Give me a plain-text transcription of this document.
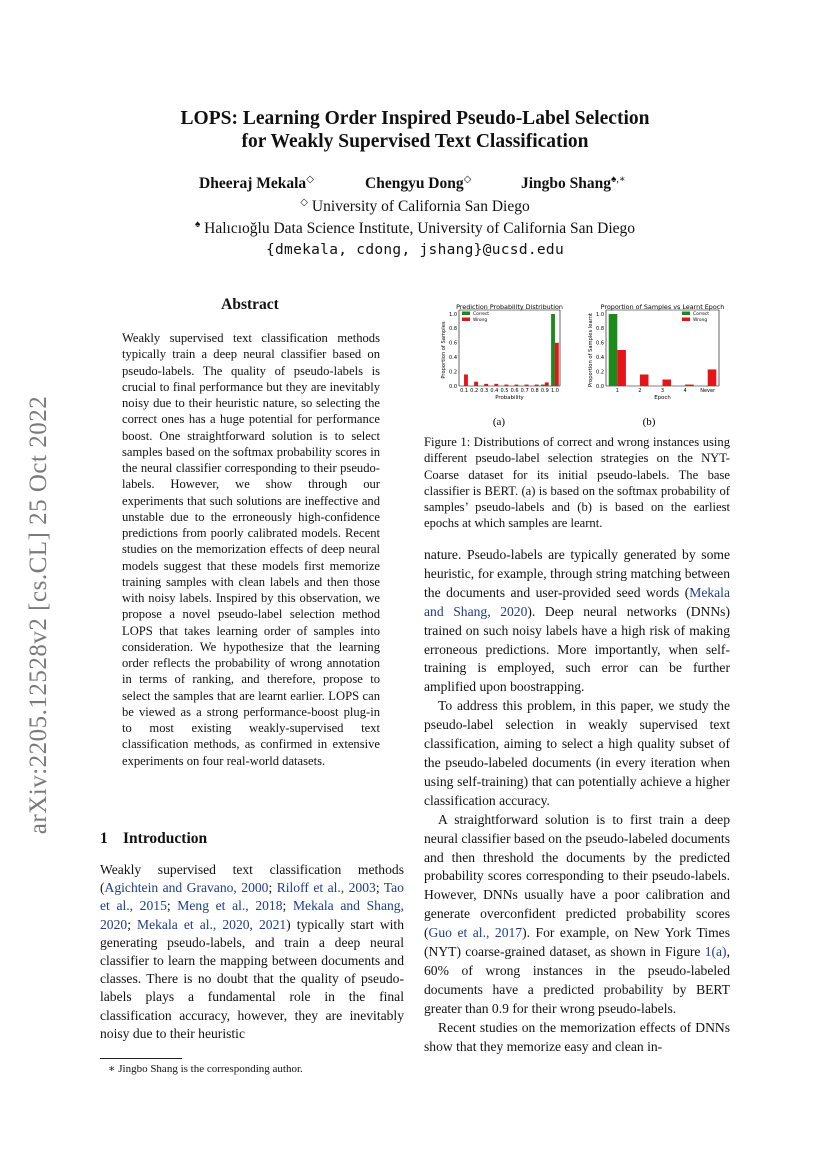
arXiv:2205.12528v2 [cs.CL] 25 Oct 2022
LOPS: Learning Order Inspired Pseudo-Label Selection
for Weakly Supervised Text Classification
Dheeraj Mekala◇	Chengyu Dong◇	Jingbo Shang♠,∗
◇ University of California San Diego
♠ Halıcıoğlu Data Science Institute, University of California San Diego
{dmekala, cdong, jshang}@ucsd.edu
Abstract
Weakly supervised text classification methods typically train a deep neural classifier based on pseudo-labels. The quality of pseudo-labels is crucial to final performance but they are inevitably noisy due to their heuristic nature, so selecting the correct ones has a huge potential for performance boost. One straightforward solution is to select samples based on the softmax probability scores in the neural classifier corresponding to their pseudo-labels. However, we show through our experiments that such solutions are ineffective and unstable due to the erroneously high-confidence predictions from poorly calibrated models. Recent studies on the memorization effects of deep neural models suggest that these models first memorize training samples with clean labels and then those with noisy labels. Inspired by this observation, we propose a novel pseudo-label selection method LOPS that takes learning order of samples into consideration. We hypothesize that the learning order reflects the probability of wrong annotation in terms of ranking, and therefore, propose to select the samples that are learnt earlier. LOPS can be viewed as a strong performance-boost plug-in to most existing weakly-supervised text classification methods, as confirmed in extensive experiments on four real-world datasets.
1 Introduction
Weakly supervised text classification methods (Agichtein and Gravano, 2000; Riloff et al., 2003; Tao et al., 2015; Meng et al., 2018; Mekala and Shang, 2020; Mekala et al., 2020, 2021) typically start with generating pseudo-labels, and train a deep neural classifier to learn the mapping between documents and classes. There is no doubt that the quality of pseudo-labels plays a fundamental role in the final classification accuracy, however, they are inevitably noisy due to their heuristic
∗ Jingbo Shang is the corresponding author.
Prediction Probability Distribution
0.0
0.2
0.4
0.6
0.8
1.0
Proportion of Samples
0.1 0.2 0.3 0.4 0.5 0.6 0.7 0.8 0.9 1.0
Probability
Correct
Wrong
Proportion of Samples vs Learnt Epoch
0.0
0.2
0.4
0.6
0.8
1.0
Proportion of Samples learnt
1	2	3	4	Never
Epoch
Correct
Wrong
(a)	(b)
Figure 1: Distributions of correct and wrong instances using different pseudo-label selection strategies on the NYT-Coarse dataset for its initial pseudo-labels. The base classifier is BERT. (a) is based on the softmax probability of samples’ pseudo-labels and (b) is based on the earliest epochs at which samples are learnt.

nature. Pseudo-labels are typically generated by some heuristic, for example, through string matching between the documents and user-provided seed words (Mekala and Shang, 2020). Deep neural networks (DNNs) trained on such noisy labels have a high risk of making erroneous predictions. More importantly, when self-training is employed, such error can be further amplified upon boostrapping.

To address this problem, in this paper, we study the pseudo-label selection in weakly supervised text classification, aiming to select a high quality subset of the pseudo-labeled documents (in every iteration when using self-training) that can potentially achieve a higher classification accuracy.

A straightforward solution is to first train a deep neural classifier based on the pseudo-labeled documents and then threshold the documents by the predicted probability scores corresponding to their pseudo-labels. However, DNNs usually have a poor calibration and generate overconfident predicted probability scores (Guo et al., 2017). For example, on New York Times (NYT) coarse-grained dataset, as shown in Figure 1(a), 60% of wrong instances in the pseudo-labeled documents have a predicted probability by BERT greater than 0.9 for their wrong pseudo-labels.

Recent studies on the memorization effects of DNNs show that they memorize easy and clean in-
